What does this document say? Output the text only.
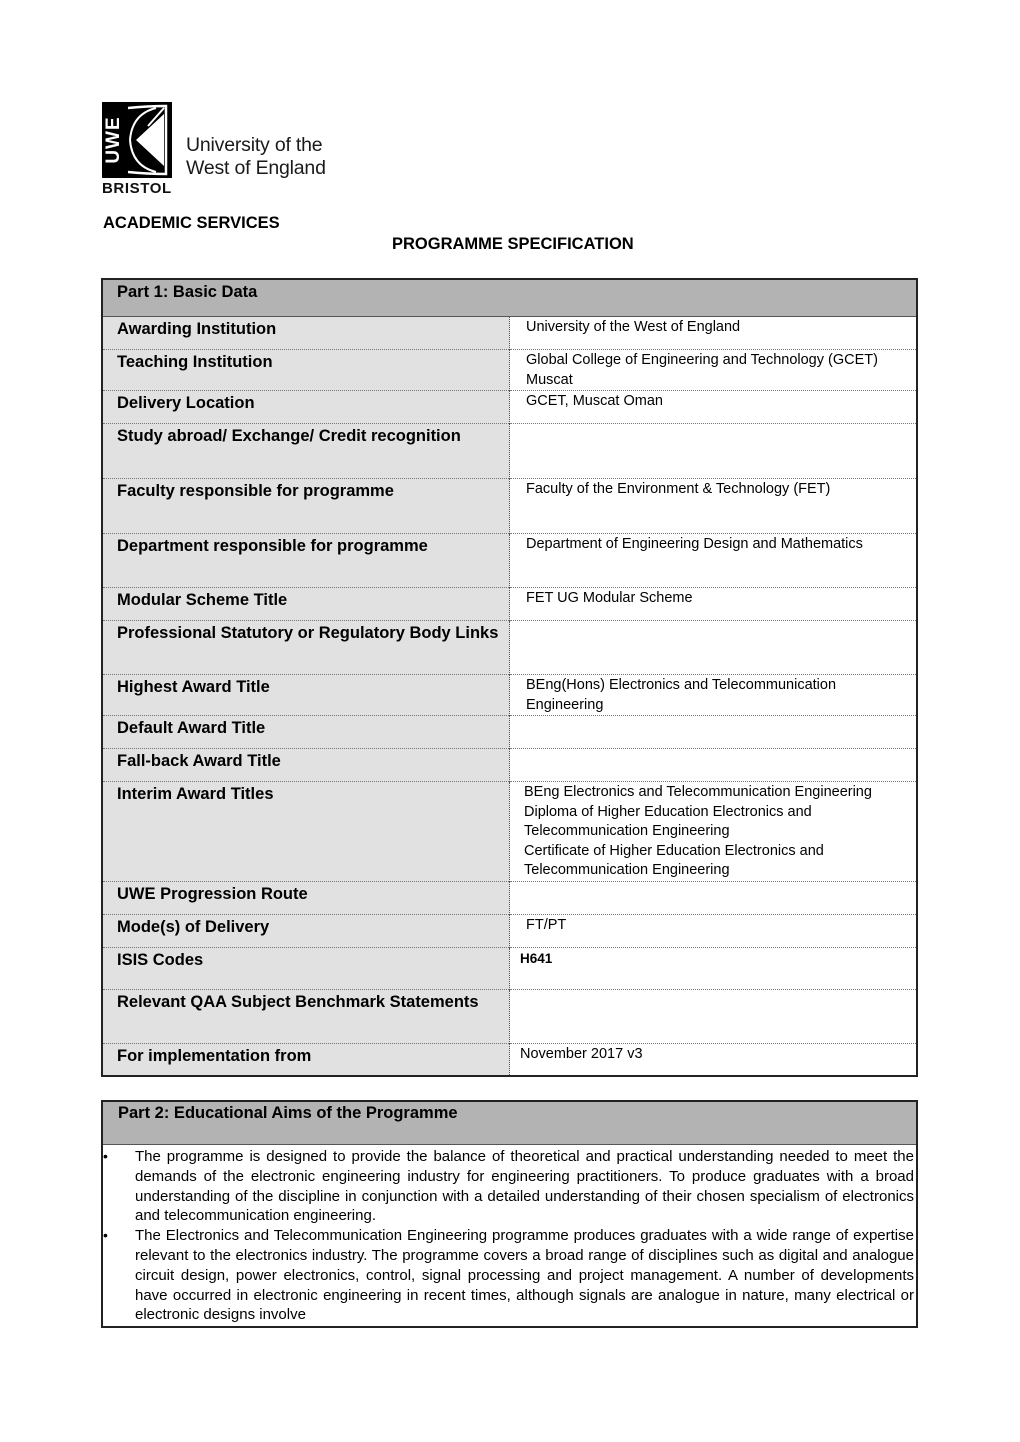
UWE	University of the
West of England
BRISTOL
ACADEMIC SERVICES
PROGRAMME SPECIFICATION
Part 1: Basic Data	
Awarding Institution	University of the West of England
Teaching Institution	Global College of Engineering and Technology (GCET) Muscat
Delivery Location	GCET, Muscat Oman
Study abroad/ Exchange/ Credit recognition	
Faculty responsible for programme	Faculty of the Environment & Technology (FET)
Department responsible for programme	Department of Engineering Design and Mathematics
Modular Scheme Title	FET UG Modular Scheme
Professional Statutory or Regulatory Body Links	
Highest Award Title	BEng(Hons) Electronics and Telecommunication Engineering
Default Award Title	
Fall-back Award Title	
Interim Award Titles	BEng Electronics and Telecommunication Engineering
Diploma of Higher Education Electronics and
Telecommunication Engineering
Certificate of Higher Education Electronics and
Telecommunication Engineering

UWE Progression Route	
Mode(s) of Delivery	FT/PT
ISIS Codes	H641
Relevant QAA Subject Benchmark Statements	
For implementation from	November 2017 v3
Part 2: Educational Aims of the Programme
• The programme is designed to provide the balance of theoretical and practical understanding needed to meet the demands of the electronic engineering industry for engineering practitioners. To produce graduates with a broad understanding of the discipline in conjunction with a detailed understanding of their chosen specialism of electronics and telecommunication engineering.
• The Electronics and Telecommunication Engineering programme produces graduates with a wide range of expertise relevant to the electronics industry. The programme covers a broad range of disciplines such as digital and analogue circuit design, power electronics, control, signal processing and project management. A number of developments have occurred in electronic engineering in recent times, although signals are analogue in nature, many electrical or electronic designs involve
